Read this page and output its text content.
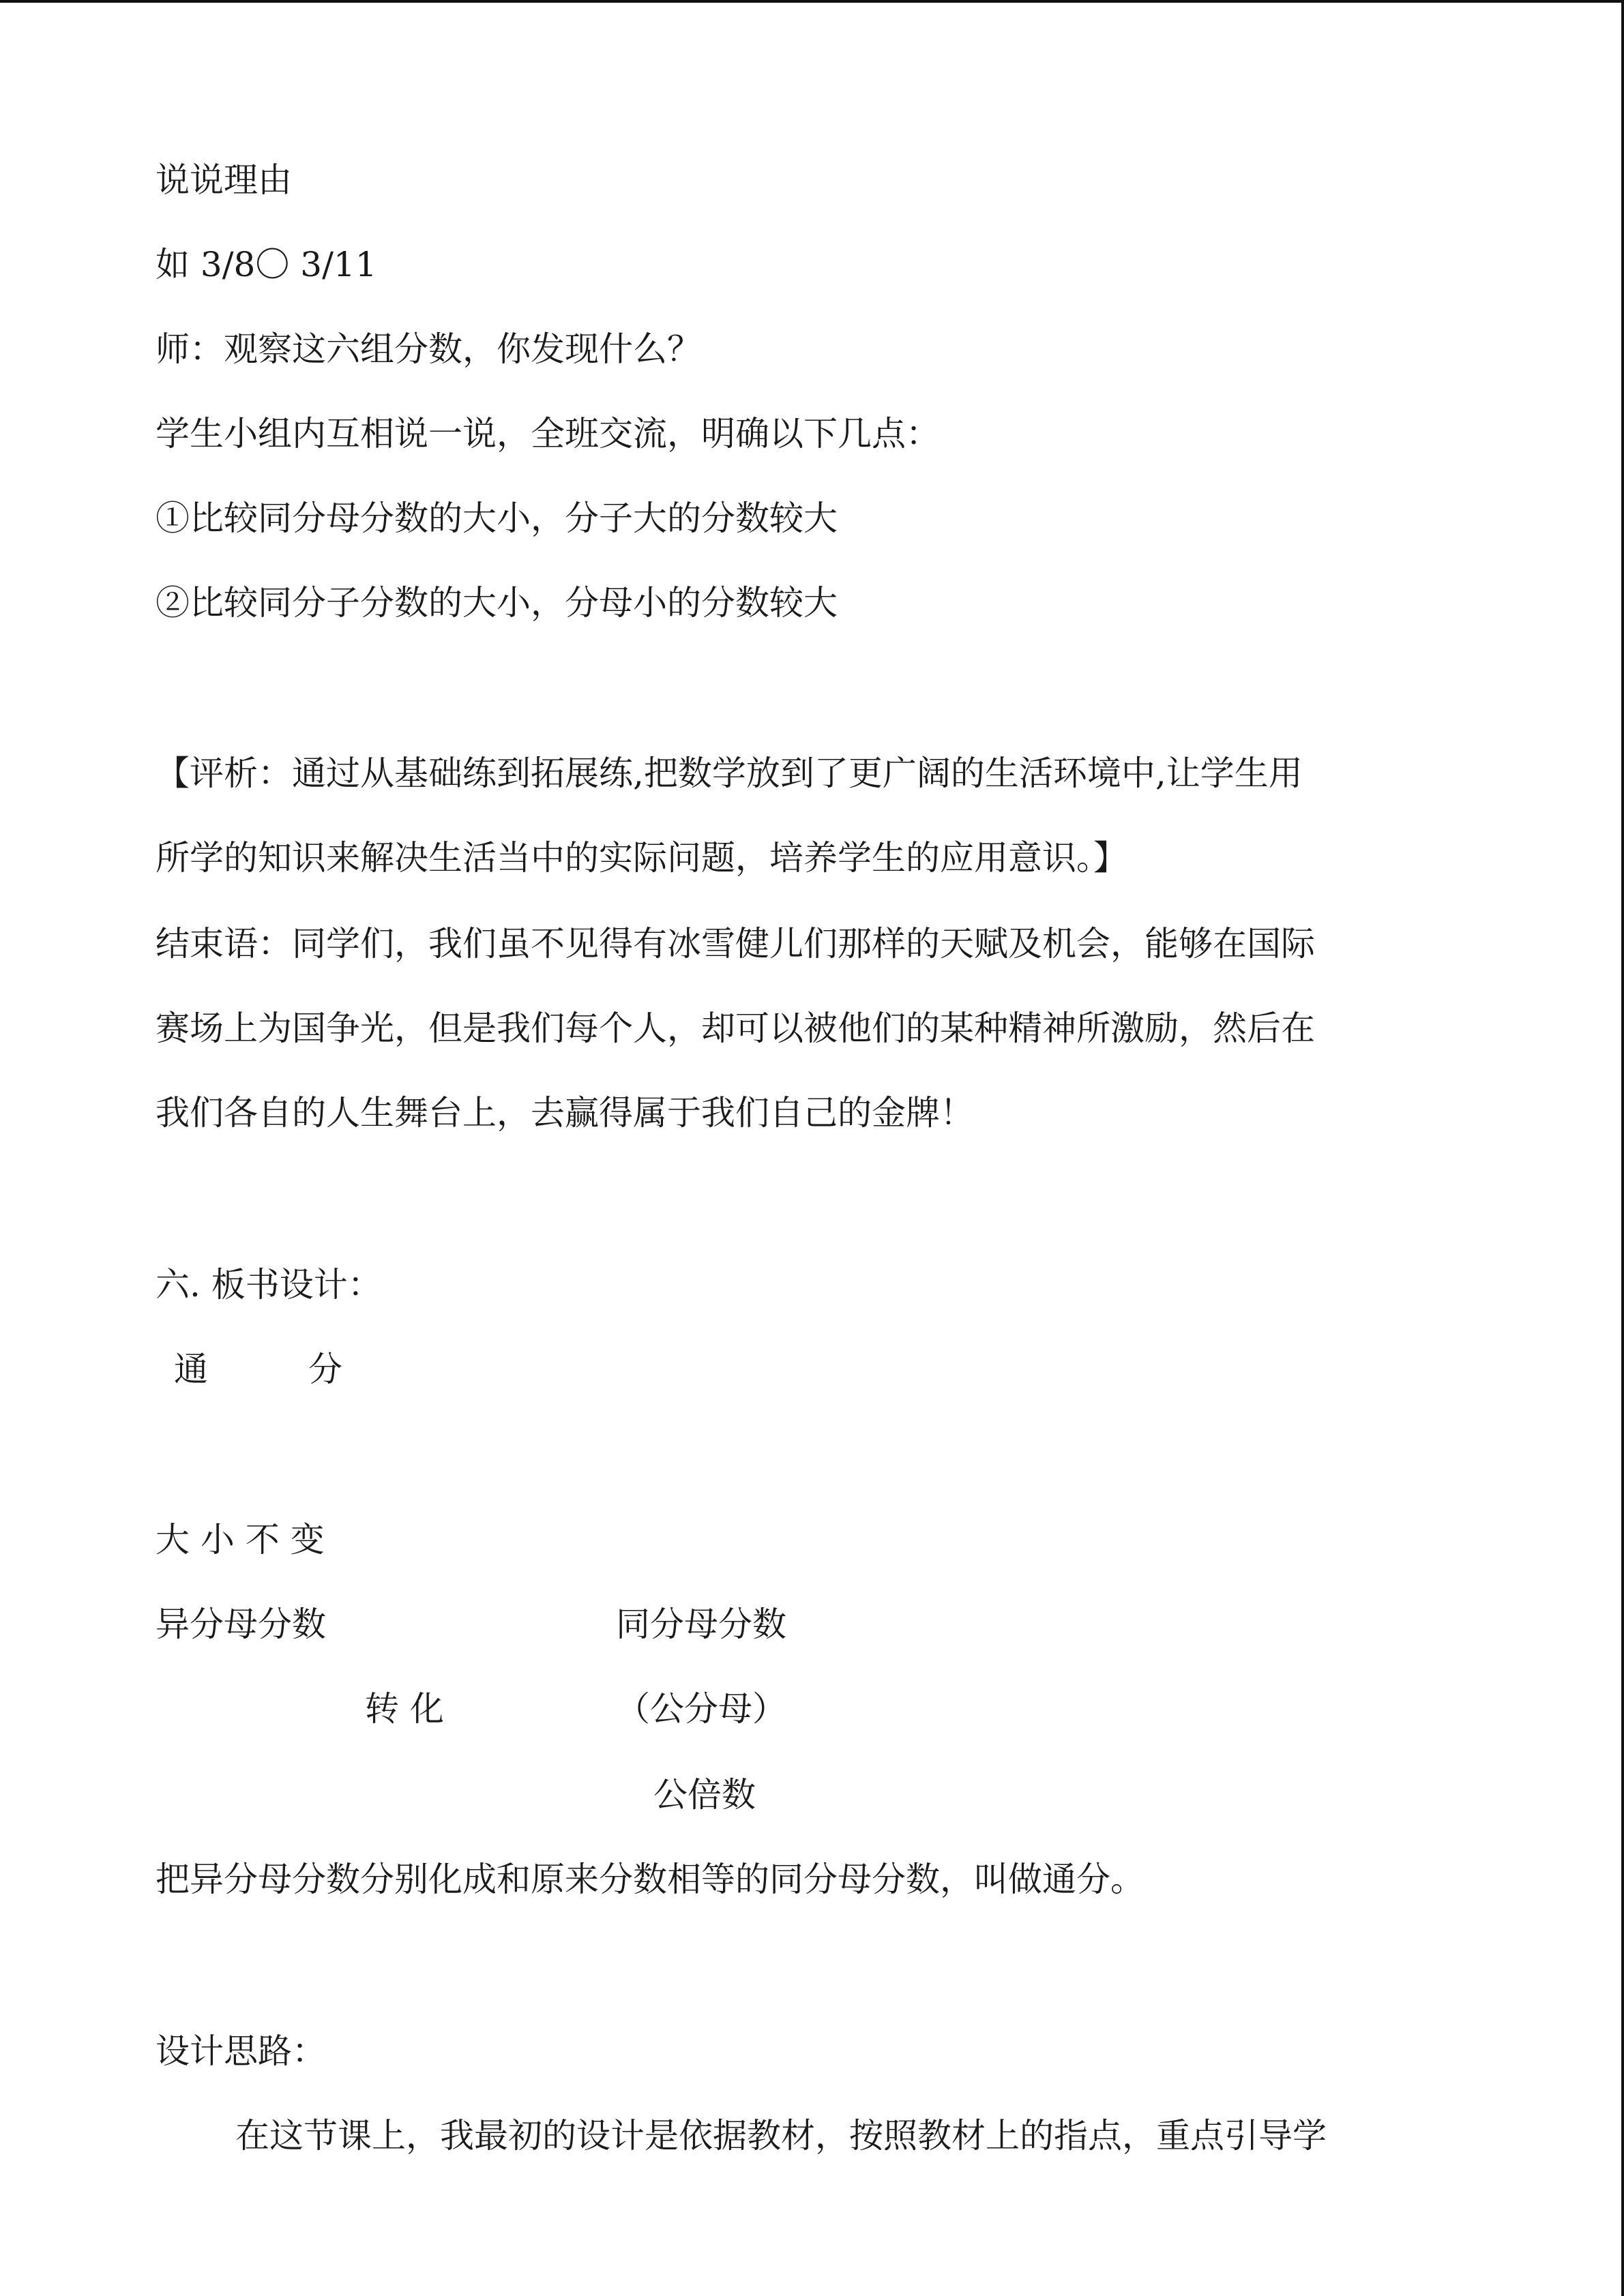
说说理由

如 3/8〇 3/11

师：观察这六组分数，你发现什么？

学生小组内互相说一说，全班交流，明确以下几点：

①比较同分母分数的大小，分子大的分数较大

②比较同分子分数的大小，分母小的分数较大

【评析：通过从基础练到拓展练,把数学放到了更广阔的生活环境中,让学生用

所学的知识来解决生活当中的实际问题，培养学生的应用意识。】

结束语：同学们，我们虽不见得有冰雪健儿们那样的天赋及机会，能够在国际

赛场上为国争光，但是我们每个人，却可以被他们的某种精神所激励，然后在

我们各自的人生舞台上，去赢得属于我们自己的金牌！

六. 板书设计：

通	分

大 小 不 变

异分母分数	同分母分数

转 化	（公分母）

公倍数

把异分母分数分别化成和原来分数相等的同分母分数，叫做通分。

设计思路：

在这节课上，我最初的设计是依据教材，按照教材上的指点，重点引导学
